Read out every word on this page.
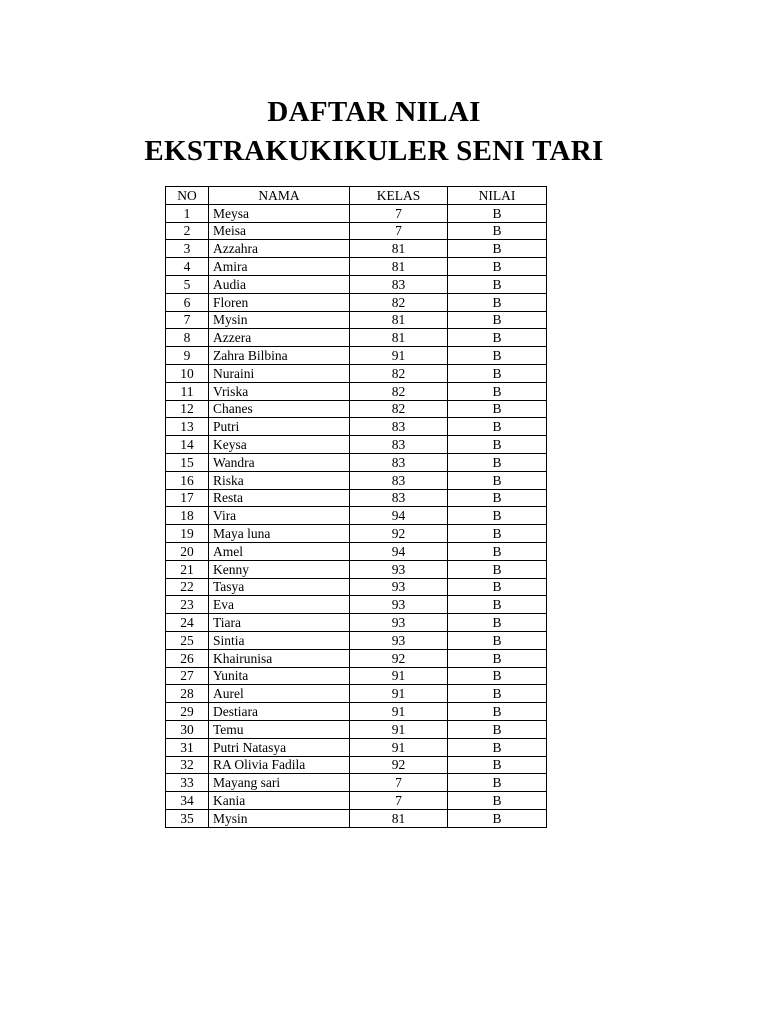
DAFTAR NILAI
EKSTRAKUKIKULER SENI TARI
NO	NAMA	KELAS	NILAI
1	Meysa	7	B
2	Meisa	7	B
3	Azzahra	81	B
4	Amira	81	B
5	Audia	83	B
6	Floren	82	B
7	Mysin	81	B
8	Azzera	81	B
9	Zahra Bilbina	91	B
10	Nuraini	82	B
11	Vriska	82	B
12	Chanes	82	B
13	Putri	83	B
14	Keysa	83	B
15	Wandra	83	B
16	Riska	83	B
17	Resta	83	B
18	Vira	94	B
19	Maya luna	92	B
20	Amel	94	B
21	Kenny	93	B
22	Tasya	93	B
23	Eva	93	B
24	Tiara	93	B
25	Sintia	93	B
26	Khairunisa	92	B
27	Yunita	91	B
28	Aurel	91	B
29	Destiara	91	B
30	Temu	91	B
31	Putri Natasya	91	B
32	RA Olivia Fadila	92	B
33	Mayang sari	7	B
34	Kania	7	B
35	Mysin	81	B
